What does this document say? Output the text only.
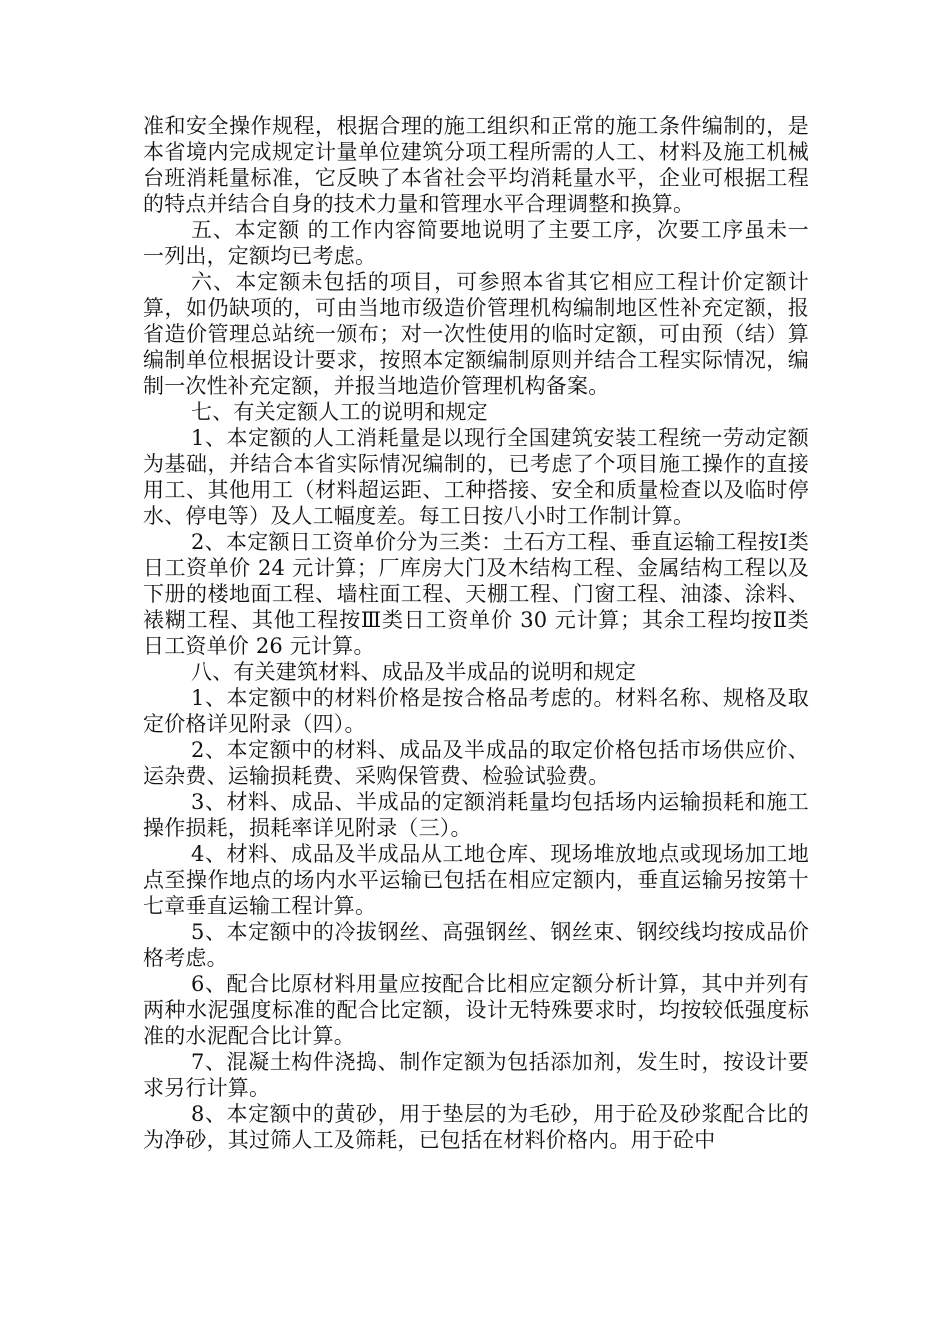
准和安全操作规程，根据合理的施工组织和正常的施工条件编制的，是本省境内完成规定计量单位建筑分项工程所需的人工、材料及施工机械台班消耗量标准，它反映了本省社会平均消耗量水平，企业可根据工程的特点并结合自身的技术力量和管理水平合理调整和换算。

五、本定额 的工作内容简要地说明了主要工序，次要工序虽未一一列出，定额均已考虑。

六、本定额未包括的项目，可参照本省其它相应工程计价定额计算，如仍缺项的，可由当地市级造价管理机构编制地区性补充定额，报省造价管理总站统一颁布；对一次性使用的临时定额，可由预（结）算编制单位根据设计要求，按照本定额编制原则并结合工程实际情况，编制一次性补充定额，并报当地造价管理机构备案。

七、有关定额人工的说明和规定

1、本定额的人工消耗量是以现行全国建筑安装工程统一劳动定额为基础，并结合本省实际情况编制的，已考虑了个项目施工操作的直接用工、其他用工（材料超运距、工种搭接、安全和质量检查以及临时停水、停电等）及人工幅度差。每工日按八小时工作制计算。

2、本定额日工资单价分为三类：土石方工程、垂直运输工程按Ⅰ类日工资单价 24 元计算；厂库房大门及木结构工程、金属结构工程以及下册的楼地面工程、墙柱面工程、天棚工程、门窗工程、油漆、涂料、裱糊工程、其他工程按Ⅲ类日工资单价 30 元计算；其余工程均按Ⅱ类日工资单价 26 元计算。

八、有关建筑材料、成品及半成品的说明和规定

1、本定额中的材料价格是按合格品考虑的。材料名称、规格及取定价格详见附录（四）。

2、本定额中的材料、成品及半成品的取定价格包括市场供应价、运杂费、运输损耗费、采购保管费、检验试验费。

3、材料、成品、半成品的定额消耗量均包括场内运输损耗和施工操作损耗，损耗率详见附录（三）。

4、材料、成品及半成品从工地仓库、现场堆放地点或现场加工地点至操作地点的场内水平运输已包括在相应定额内，垂直运输另按第十七章垂直运输工程计算。

5、本定额中的冷拔钢丝、高强钢丝、钢丝束、钢绞线均按成品价格考虑。

6、配合比原材料用量应按配合比相应定额分析计算，其中并列有两种水泥强度标准的配合比定额，设计无特殊要求时，均按较低强度标准的水泥配合比计算。

7、混凝土构件浇捣、制作定额为包括添加剂，发生时，按设计要求另行计算。

8、本定额中的黄砂，用于垫层的为毛砂，用于砼及砂浆配合比的为净砂，其过筛人工及筛耗，已包括在材料价格内。用于砼中
